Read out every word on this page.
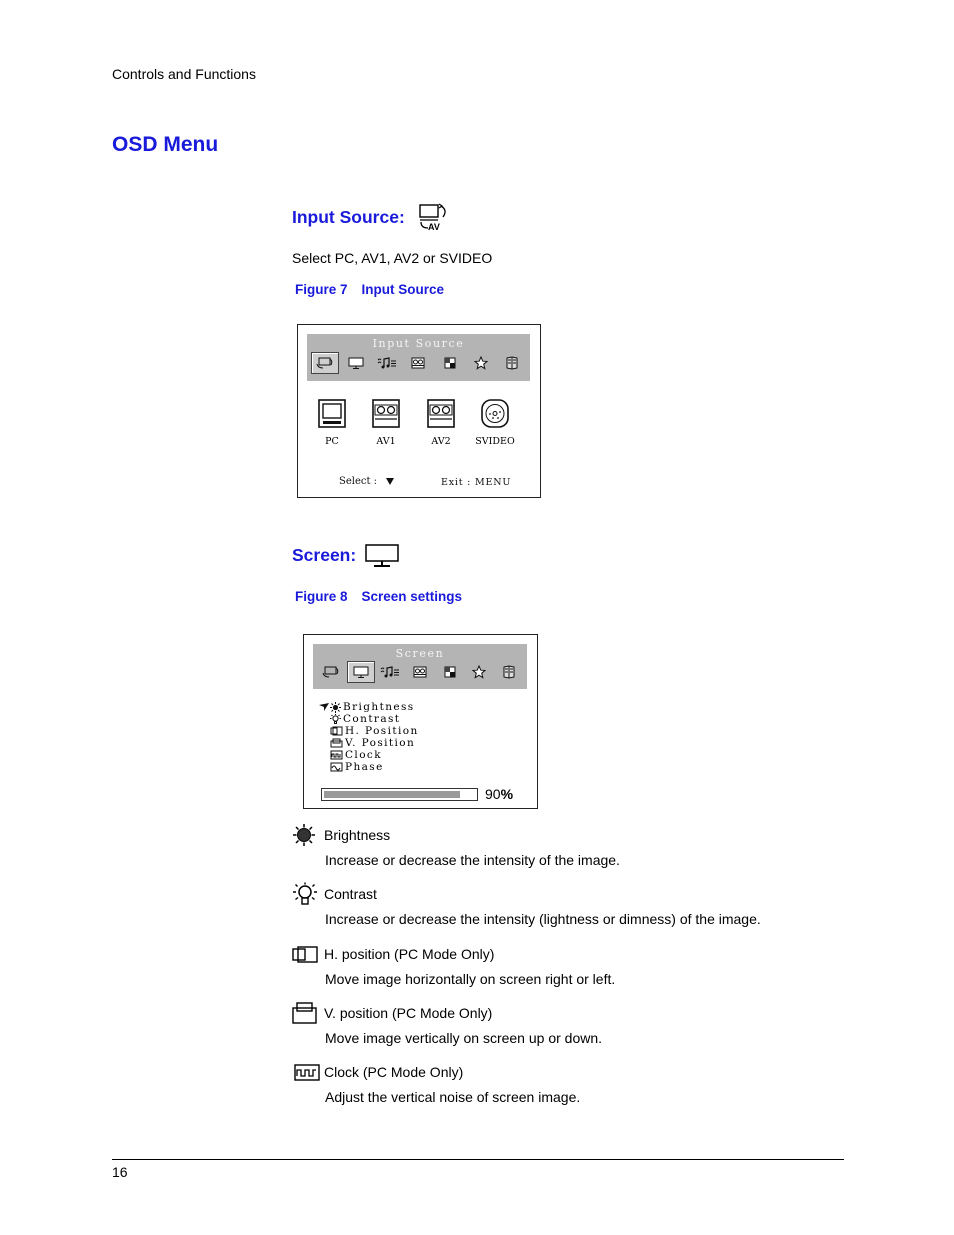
Controls and Functions
OSD Menu
Input Source:
AV
Select PC, AV1, AV2 or SVIDEO
Figure 7 Input Source
Input Source
PC	AV1	AV2	SVIDEO
Select :	Exit : MENU
Screen:
Figure 8 Screen settings
Screen
Brightness
Contrast
H. Position
V. Position
Clock
Phase
90%
Brightness
Increase or decrease the intensity of the image.
Contrast
Increase or decrease the intensity (lightness or dimness) of the image.
H. position (PC Mode Only)
Move image horizontally on screen right or left.
V. position (PC Mode Only)
Move image vertically on screen up or down.
Clock (PC Mode Only)
Adjust the vertical noise of screen image.
16
